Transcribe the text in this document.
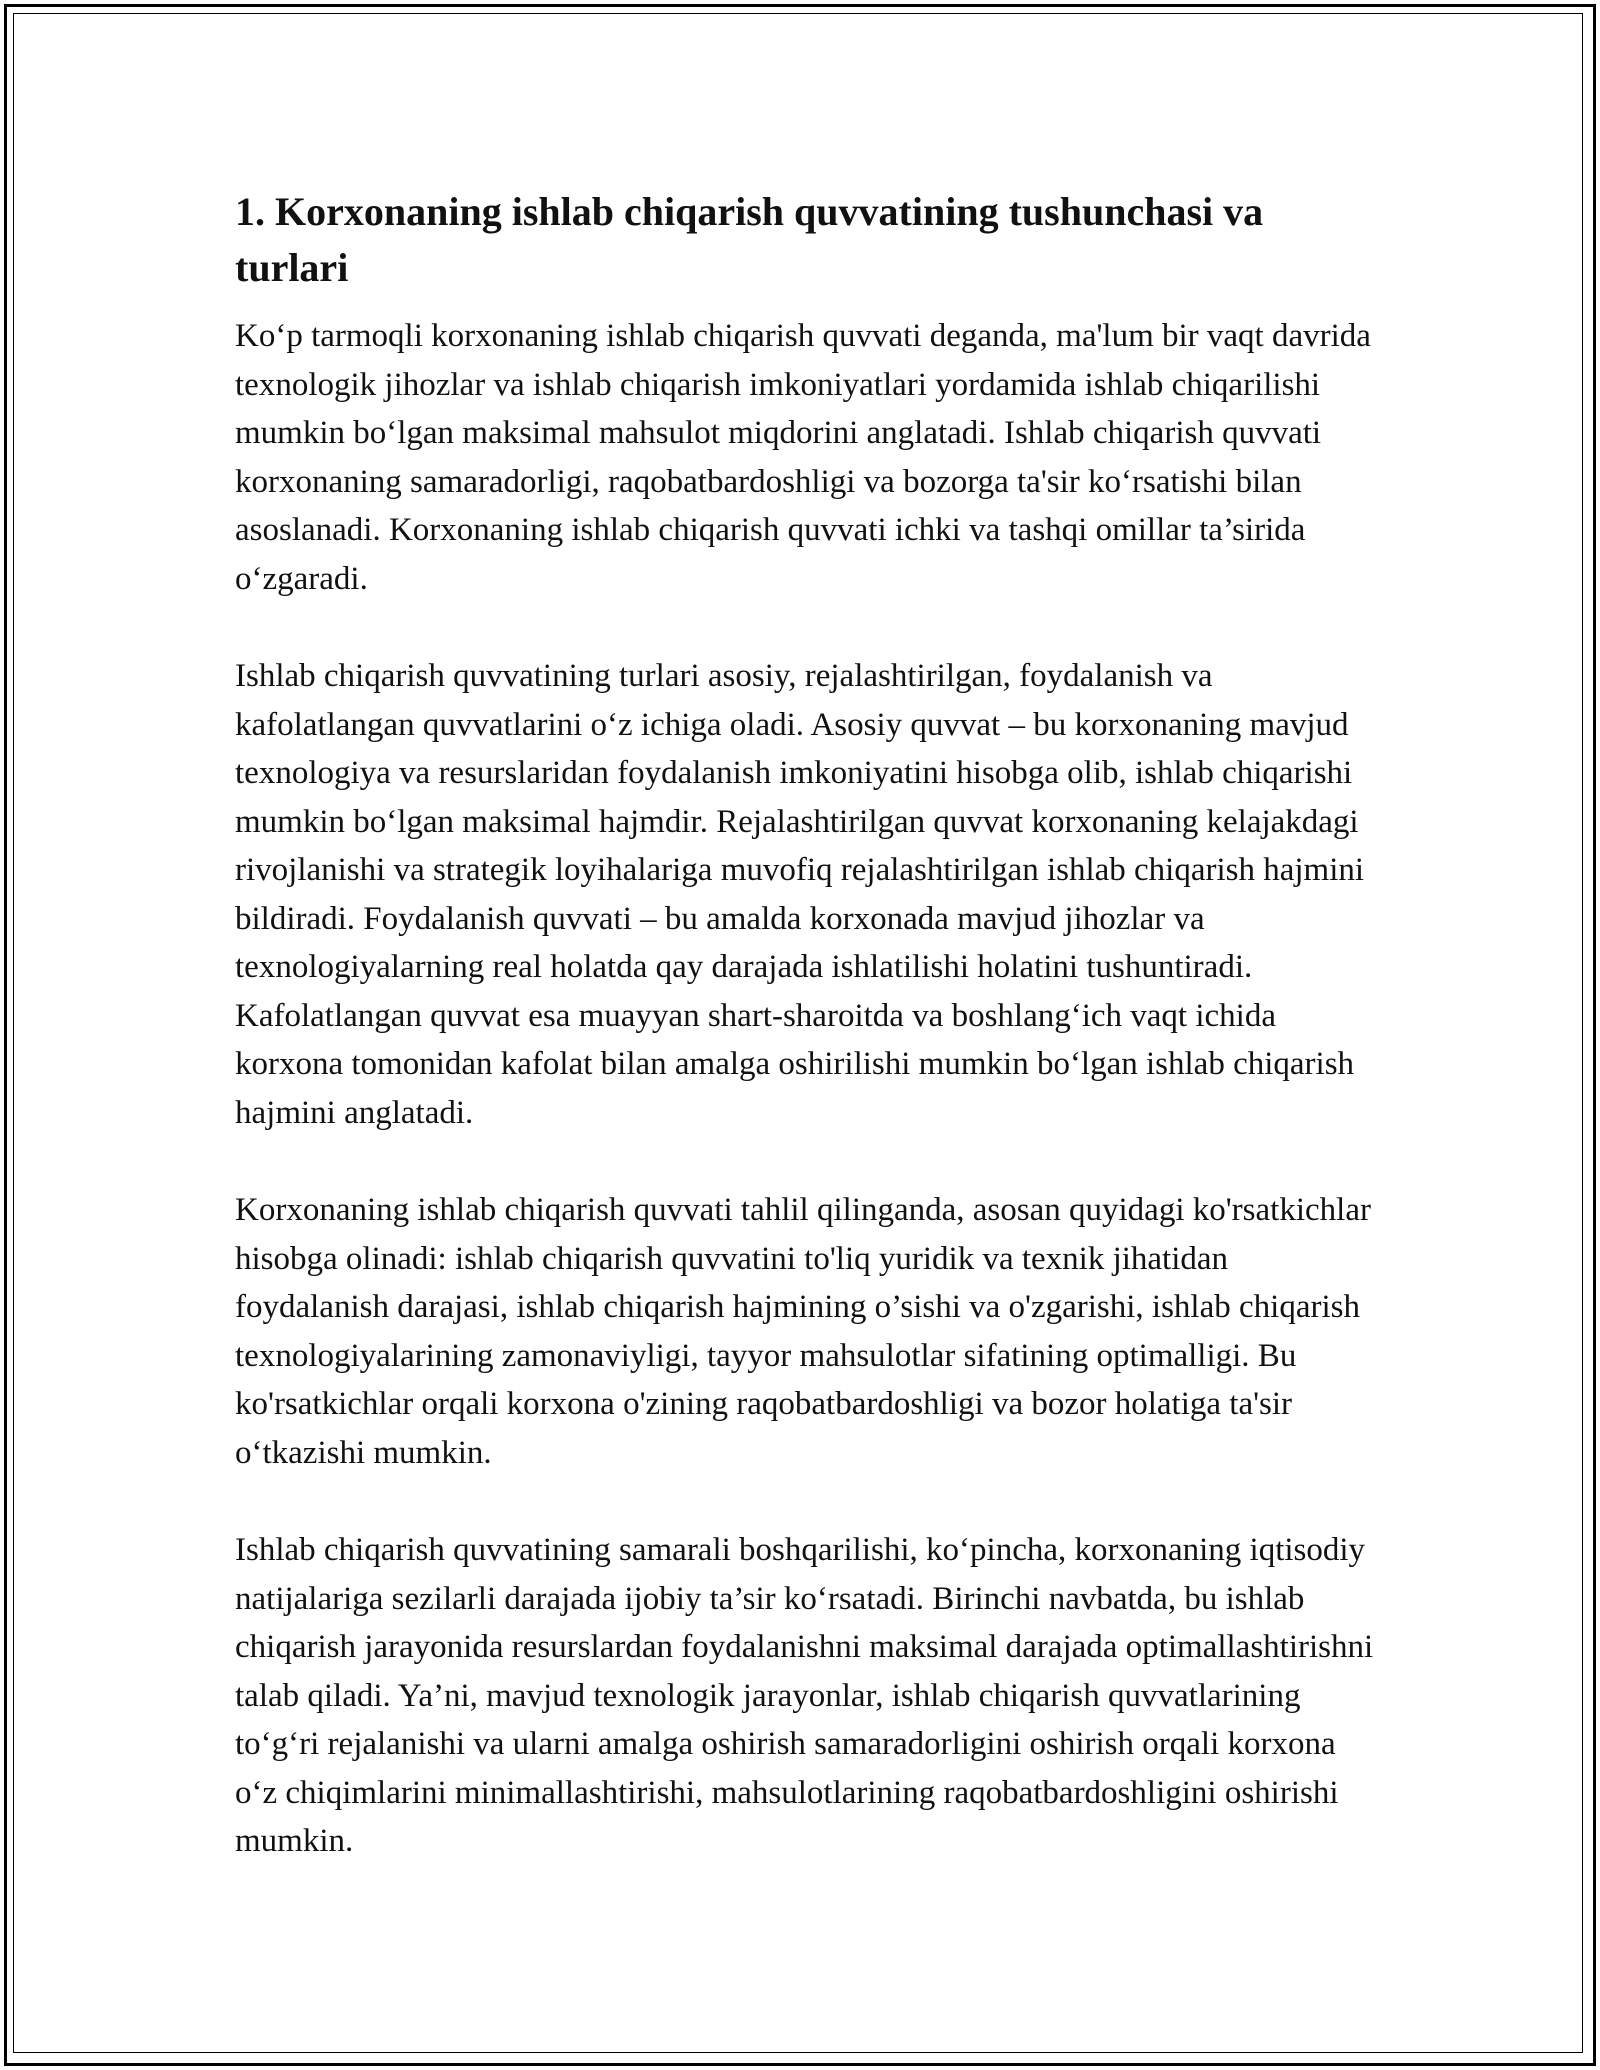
1. Korxonaning ishlab chiqarish quvvatining tushunchasi va turlari

Koʻp tarmoqli korxonaning ishlab chiqarish quvvati deganda, ma'lum bir vaqt davrida texnologik jihozlar va ishlab chiqarish imkoniyatlari yordamida ishlab chiqarilishi mumkin boʻlgan maksimal mahsulot miqdorini anglatadi. Ishlab chiqarish quvvati korxonaning samaradorligi, raqobatbardoshligi va bozorga ta'sir koʻrsatishi bilan asoslanadi. Korxonaning ishlab chiqarish quvvati ichki va tashqi omillar ta’sirida oʻzgaradi.

Ishlab chiqarish quvvatining turlari asosiy, rejalashtirilgan, foydalanish va kafolatlangan quvvatlarini oʻz ichiga oladi. Asosiy quvvat – bu korxonaning mavjud texnologiya va resurslaridan foydalanish imkoniyatini hisobga olib, ishlab chiqarishi mumkin boʻlgan maksimal hajmdir. Rejalashtirilgan quvvat korxonaning kelajakdagi rivojlanishi va strategik loyihalariga muvofiq rejalashtirilgan ishlab chiqarish hajmini bildiradi. Foydalanish quvvati – bu amalda korxonada mavjud jihozlar va texnologiyalarning real holatda qay darajada ishlatilishi holatini tushuntiradi. Kafolatlangan quvvat esa muayyan shart-sharoitda va boshlangʻich vaqt ichida korxona tomonidan kafolat bilan amalga oshirilishi mumkin boʻlgan ishlab chiqarish hajmini anglatadi.

Korxonaning ishlab chiqarish quvvati tahlil qilinganda, asosan quyidagi ko'rsatkichlar hisobga olinadi: ishlab chiqarish quvvatini to'liq yuridik va texnik jihatidan foydalanish darajasi, ishlab chiqarish hajmining o’sishi va o'zgarishi, ishlab chiqarish texnologiyalarining zamonaviyligi, tayyor mahsulotlar sifatining optimalligi. Bu ko'rsatkichlar orqali korxona o'zining raqobatbardoshligi va bozor holatiga ta'sir oʻtkazishi mumkin.

Ishlab chiqarish quvvatining samarali boshqarilishi, koʻpincha, korxonaning iqtisodiy natijalariga sezilarli darajada ijobiy ta’sir koʻrsatadi. Birinchi navbatda, bu ishlab chiqarish jarayonida resurslardan foydalanishni maksimal darajada optimallashtirishni talab qiladi. Ya’ni, mavjud texnologik jarayonlar, ishlab chiqarish quvvatlarining toʻgʻri rejalanishi va ularni amalga oshirish samaradorligini oshirish orqali korxona oʻz chiqimlarini minimallashtirishi, mahsulotlarining raqobatbardoshligini oshirishi mumkin.
